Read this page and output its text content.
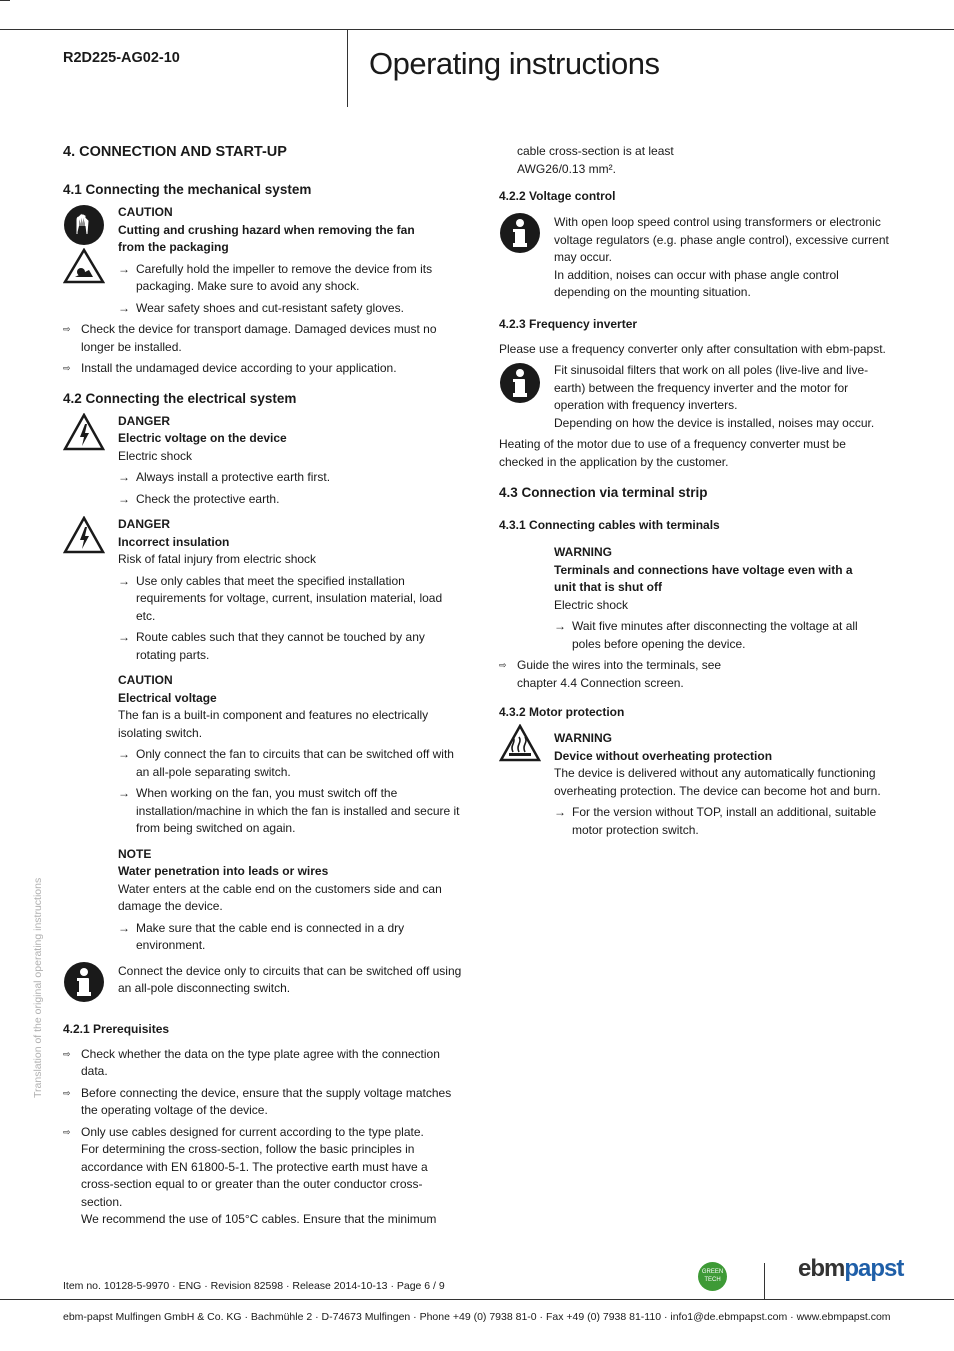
R2D225-AG02-10	Operating instructions
Translation of the original operating instructions
4. CONNECTION AND START-UP
4.1 Connecting the mechanical system

CAUTION

Cutting and crushing hazard when removing the fan from the packaging

→ Carefully hold the impeller to remove the device from its packaging. Make sure to avoid any shock.

→ Wear safety shoes and cut-resistant safety gloves.

⇨ Check the device for transport damage. Damaged devices must no longer be installed.

⇨ Install the undamaged device according to your application.

4.2 Connecting the electrical system

DANGER

Electric voltage on the device

Electric shock

→ Always install a protective earth first.

→ Check the protective earth.

DANGER

Incorrect insulation

Risk of fatal injury from electric shock

→ Use only cables that meet the specified installation requirements for voltage, current, insulation material, load etc.

→ Route cables such that they cannot be touched by any rotating parts.

CAUTION

Electrical voltage

The fan is a built-in component and features no electrically isolating switch.

→ Only connect the fan to circuits that can be switched off with an all-pole separating switch.

→ When working on the fan, you must switch off the installation/machine in which the fan is installed and secure it from being switched on again.

NOTE

Water penetration into leads or wires

Water enters at the cable end on the customers side and can damage the device.

→ Make sure that the cable end is connected in a dry environment.

Connect the device only to circuits that can be switched off using an all-pole disconnecting switch.

4.2.1 Prerequisites

⇨ Check whether the data on the type plate agree with the connection data.

⇨ Before connecting the device, ensure that the supply voltage matches the operating voltage of the device.

⇨ Only use cables designed for current according to the type plate.

For determining the cross-section, follow the basic principles in accordance with EN 61800-5-1. The protective earth must have a cross-section equal to or greater than the outer conductor cross-section.

We recommend the use of 105°C cables. Ensure that the minimum

cable cross-section is at least

AWG26/0.13 mm².

4.2.2 Voltage control

With open loop speed control using transformers or electronic voltage regulators (e.g. phase angle control), excessive current may occur.

In addition, noises can occur with phase angle control depending on the mounting situation.

4.2.3 Frequency inverter

Please use a frequency converter only after consultation with ebm-papst.

Fit sinusoidal filters that work on all poles (live-live and live-earth) between the frequency inverter and the motor for operation with frequency inverters.

Depending on how the device is installed, noises may occur.

Heating of the motor due to use of a frequency converter must be checked in the application by the customer.

4.3 Connection via terminal strip
4.3.1 Connecting cables with terminals

WARNING

Terminals and connections have voltage even with a unit that is shut off

Electric shock

→ Wait five minutes after disconnecting the voltage at all poles before opening the device.

⇨ Guide the wires into the terminals, see

chapter 4.4 Connection screen.

4.3.2 Motor protection

WARNING

Device without overheating protection

The device is delivered without any automatically functioning overheating protection. The device can become hot and burn.

→ For the version without TOP, install an additional, suitable motor protection switch.

Item no. 10128-5-9970 · ENG · Revision 82598 · Release 2014-10-13 · Page 6 / 9
GREEN TECH	ebmpapst
ebm-papst Mulfingen GmbH & Co. KG · Bachmühle 2 · D-74673 Mulfingen · Phone +49 (0) 7938 81-0 · Fax +49 (0) 7938 81-110 · info1@de.ebmpapst.com · www.ebmpapst.com
